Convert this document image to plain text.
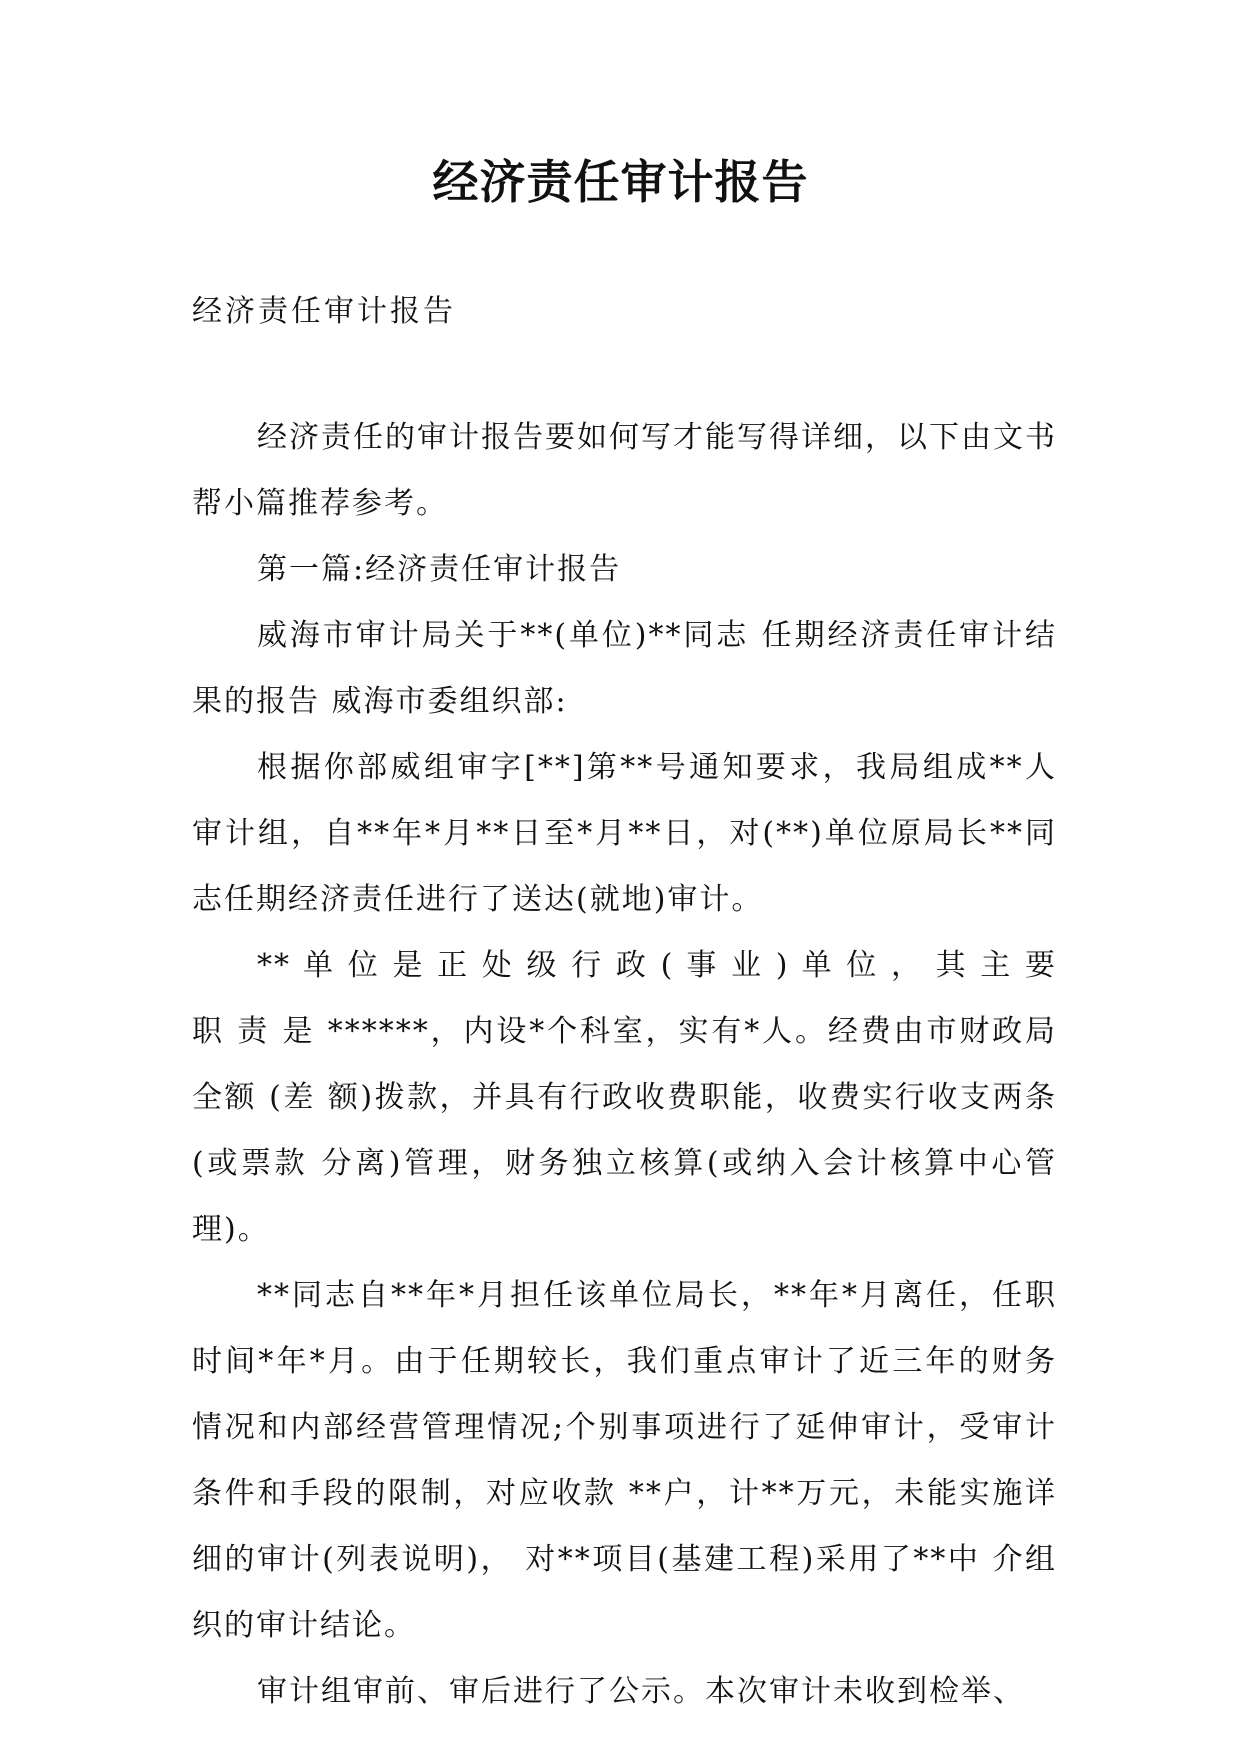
经济责任审计报告
经济责任审计报告

经济责任的审计报告要如何写才能写得详细，以下由文书帮小篇推荐参考。

第一篇:经济责任审计报告

威海市审计局关于**(单位)**同志 任期经济责任审计结果的报告 威海市委组织部:

根据你部威组审字[**]第**号通知要求，我局组成**人审计组，自**年*月**日至*月**日，对(**)单位原局长**同志任期经济责任进行了送达(就地)审计。

** 单 位 是 正 处 级 行 政 ( 事 业 ) 单 位 ， 其 主 要 职 责 是 ******，内设*个科室，实有*人。经费由市财政局全额 (差 额)拨款，并具有行政收费职能，收费实行收支两条(或票款 分离)管理，财务独立核算(或纳入会计核算中心管理)。

**同志自**年*月担任该单位局长，**年*月离任，任职时间*年*月。由于任期较长，我们重点审计了近三年的财务情况和内部经营管理情况;个别事项进行了延伸审计，受审计条件和手段的限制，对应收款 **户，计**万元，未能实施详细的审计(列表说明)， 对**项目(基建工程)采用了**中 介组织的审计结论。

审计组审前、审后进行了公示。本次审计未收到检举、
